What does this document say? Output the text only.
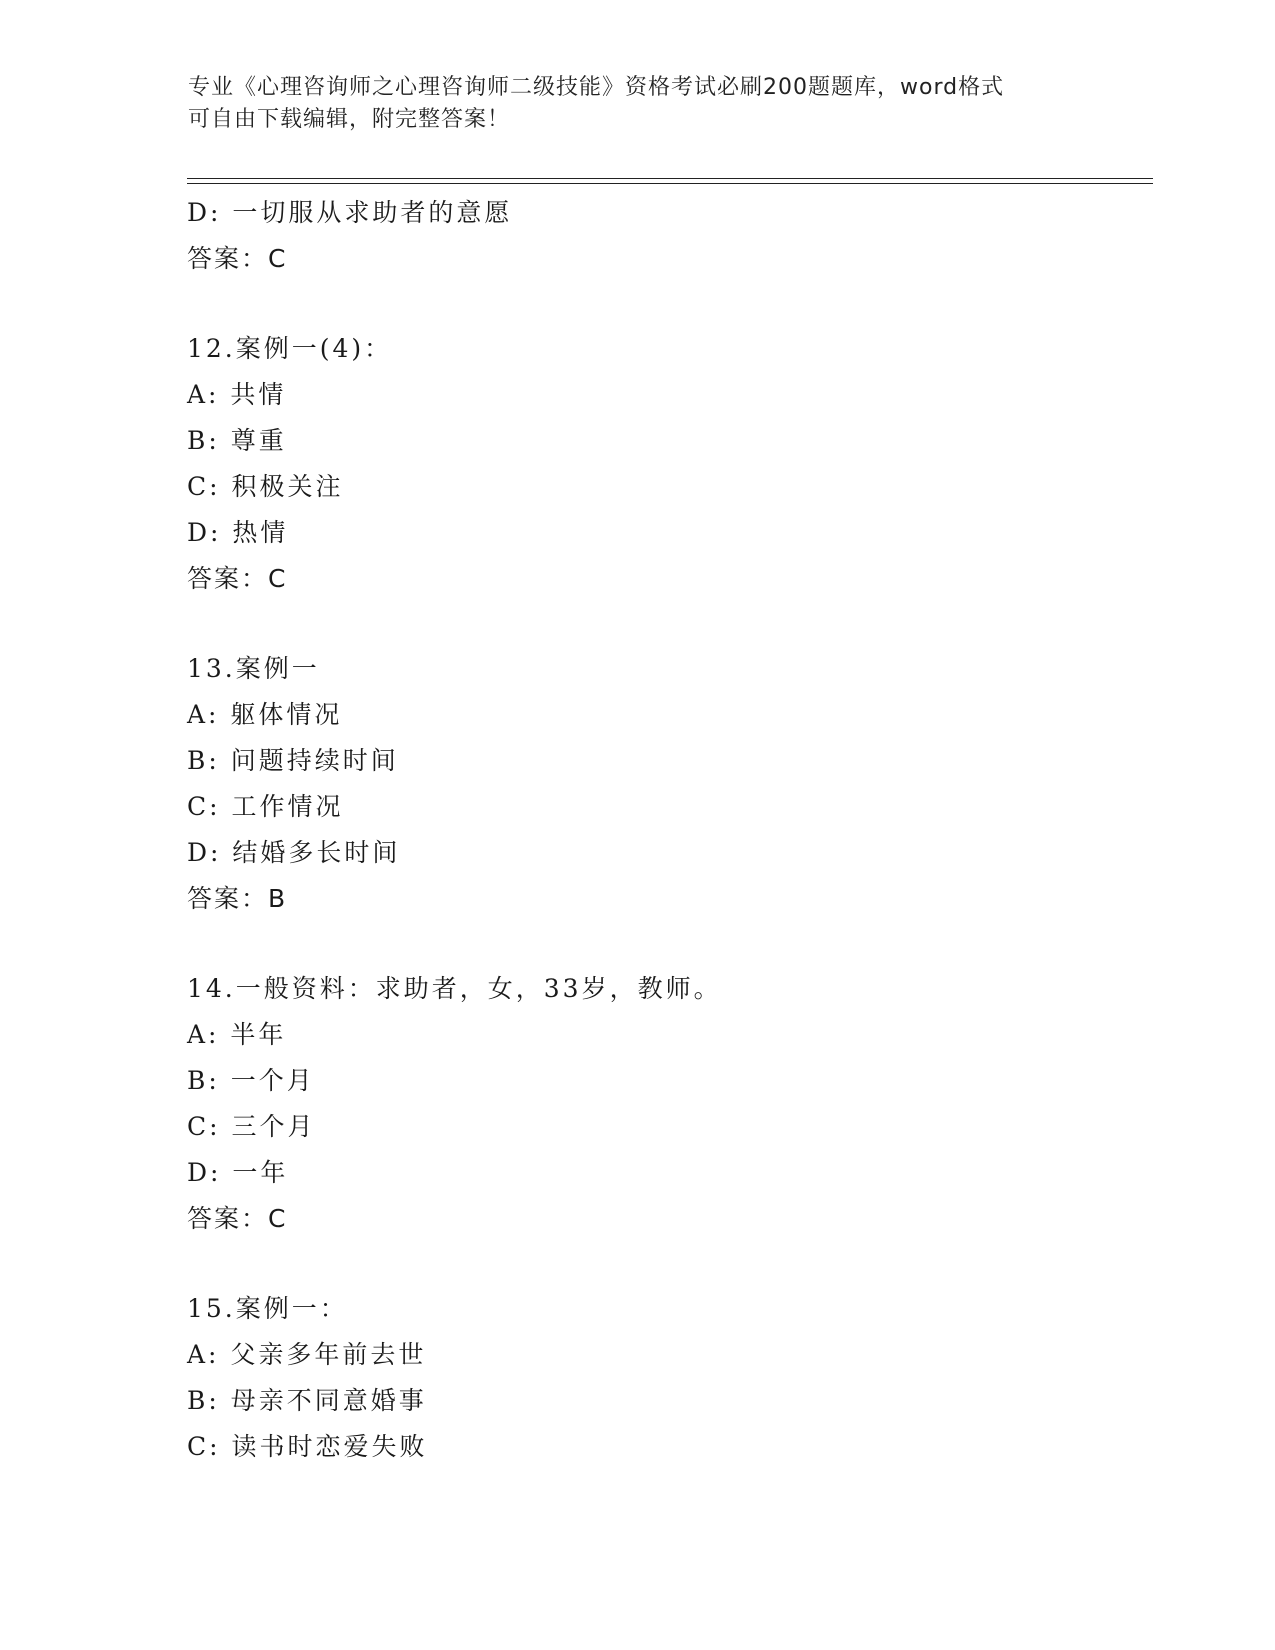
专业《心理咨询师之心理咨询师二级技能》资格考试必刷200题题库，word格式
可自由下载编辑，附完整答案！
D: 一切服从求助者的意愿
答案：C
12.案例一(4)：
A: 共情
B: 尊重
C: 积极关注
D: 热情
答案：C
13.案例一
A: 躯体情况
B: 问题持续时间
C: 工作情况
D: 结婚多长时间
答案：B
14.一般资料：求助者，女，33岁，教师。
A: 半年
B: 一个月
C: 三个月
D: 一年
答案：C
15.案例一：
A: 父亲多年前去世
B: 母亲不同意婚事
C: 读书时恋爱失败
